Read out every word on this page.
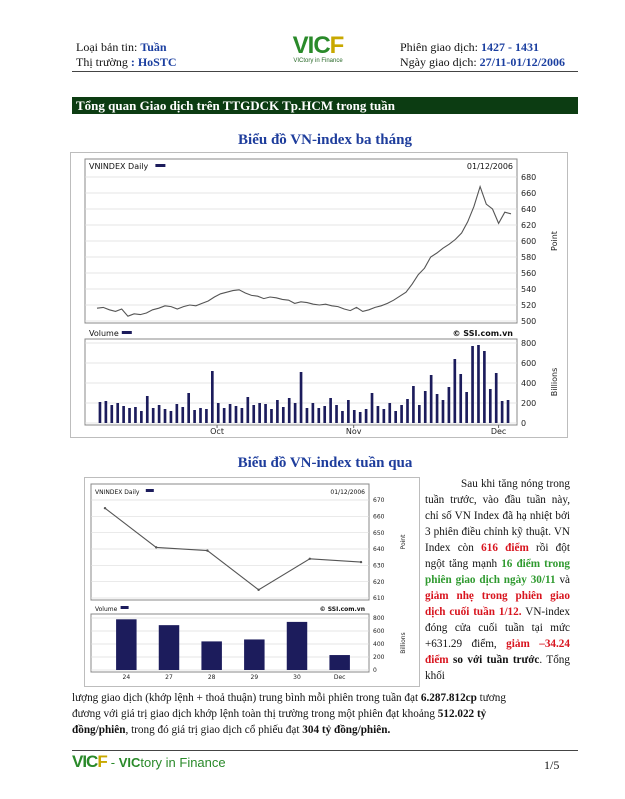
Loại bản tin: Tuần
Thị trường : HoSTC
VICF
VICtory in Finance
Phiên giao dịch: 1427 - 1431
Ngày giao dịch: 27/11-01/12/2006
Tổng quan Giao dịch trên TTGDCK Tp.HCM trong tuần
Biểu đồ VN-index ba tháng
VNINDEX Daily	01/12/2006
500
520
540
560
580
600
620
640
660
680
Point
Volume	© SSI.com.vn
0
200
400
600
800
Billions
Oct	Nov	Dec
Biểu đồ VN-index tuần qua
VNINDEX Daily	01/12/2006
610
620
630
640
650
660
670
Point
Volume	© SSI.com.vn
0
200
400
600
800
Billions
24	27	28	29	30	Dec
Sau khi tăng nóng trong tuần trước, vào đầu tuần này, chỉ số VN Index đã hạ nhiệt bởi 3 phiên điều chỉnh kỹ thuật. VN Index còn 616 điểm rồi đột ngột tăng mạnh 16 điểm trong phiên giao dịch ngày 30/11 và giảm nhẹ trong phiên giao dịch cuối tuần 1/12. VN-index đóng cửa cuối tuần tại mức +631.29 điểm, giảm –34.24 điểm so với tuần trước. Tổng khối
lượng giao dịch (khớp lệnh + thoả thuận) trung bình mỗi phiên trong tuần đạt 6.287.812cp tương
đương với giá trị giao dịch khớp lệnh toàn thị trường trong một phiên đạt khoảng 512.022 tỷ
đồng/phiên, trong đó giá trị giao dịch cổ phiếu đạt 304 tỷ đồng/phiên.
VICF - VICtory in Finance	1/5
